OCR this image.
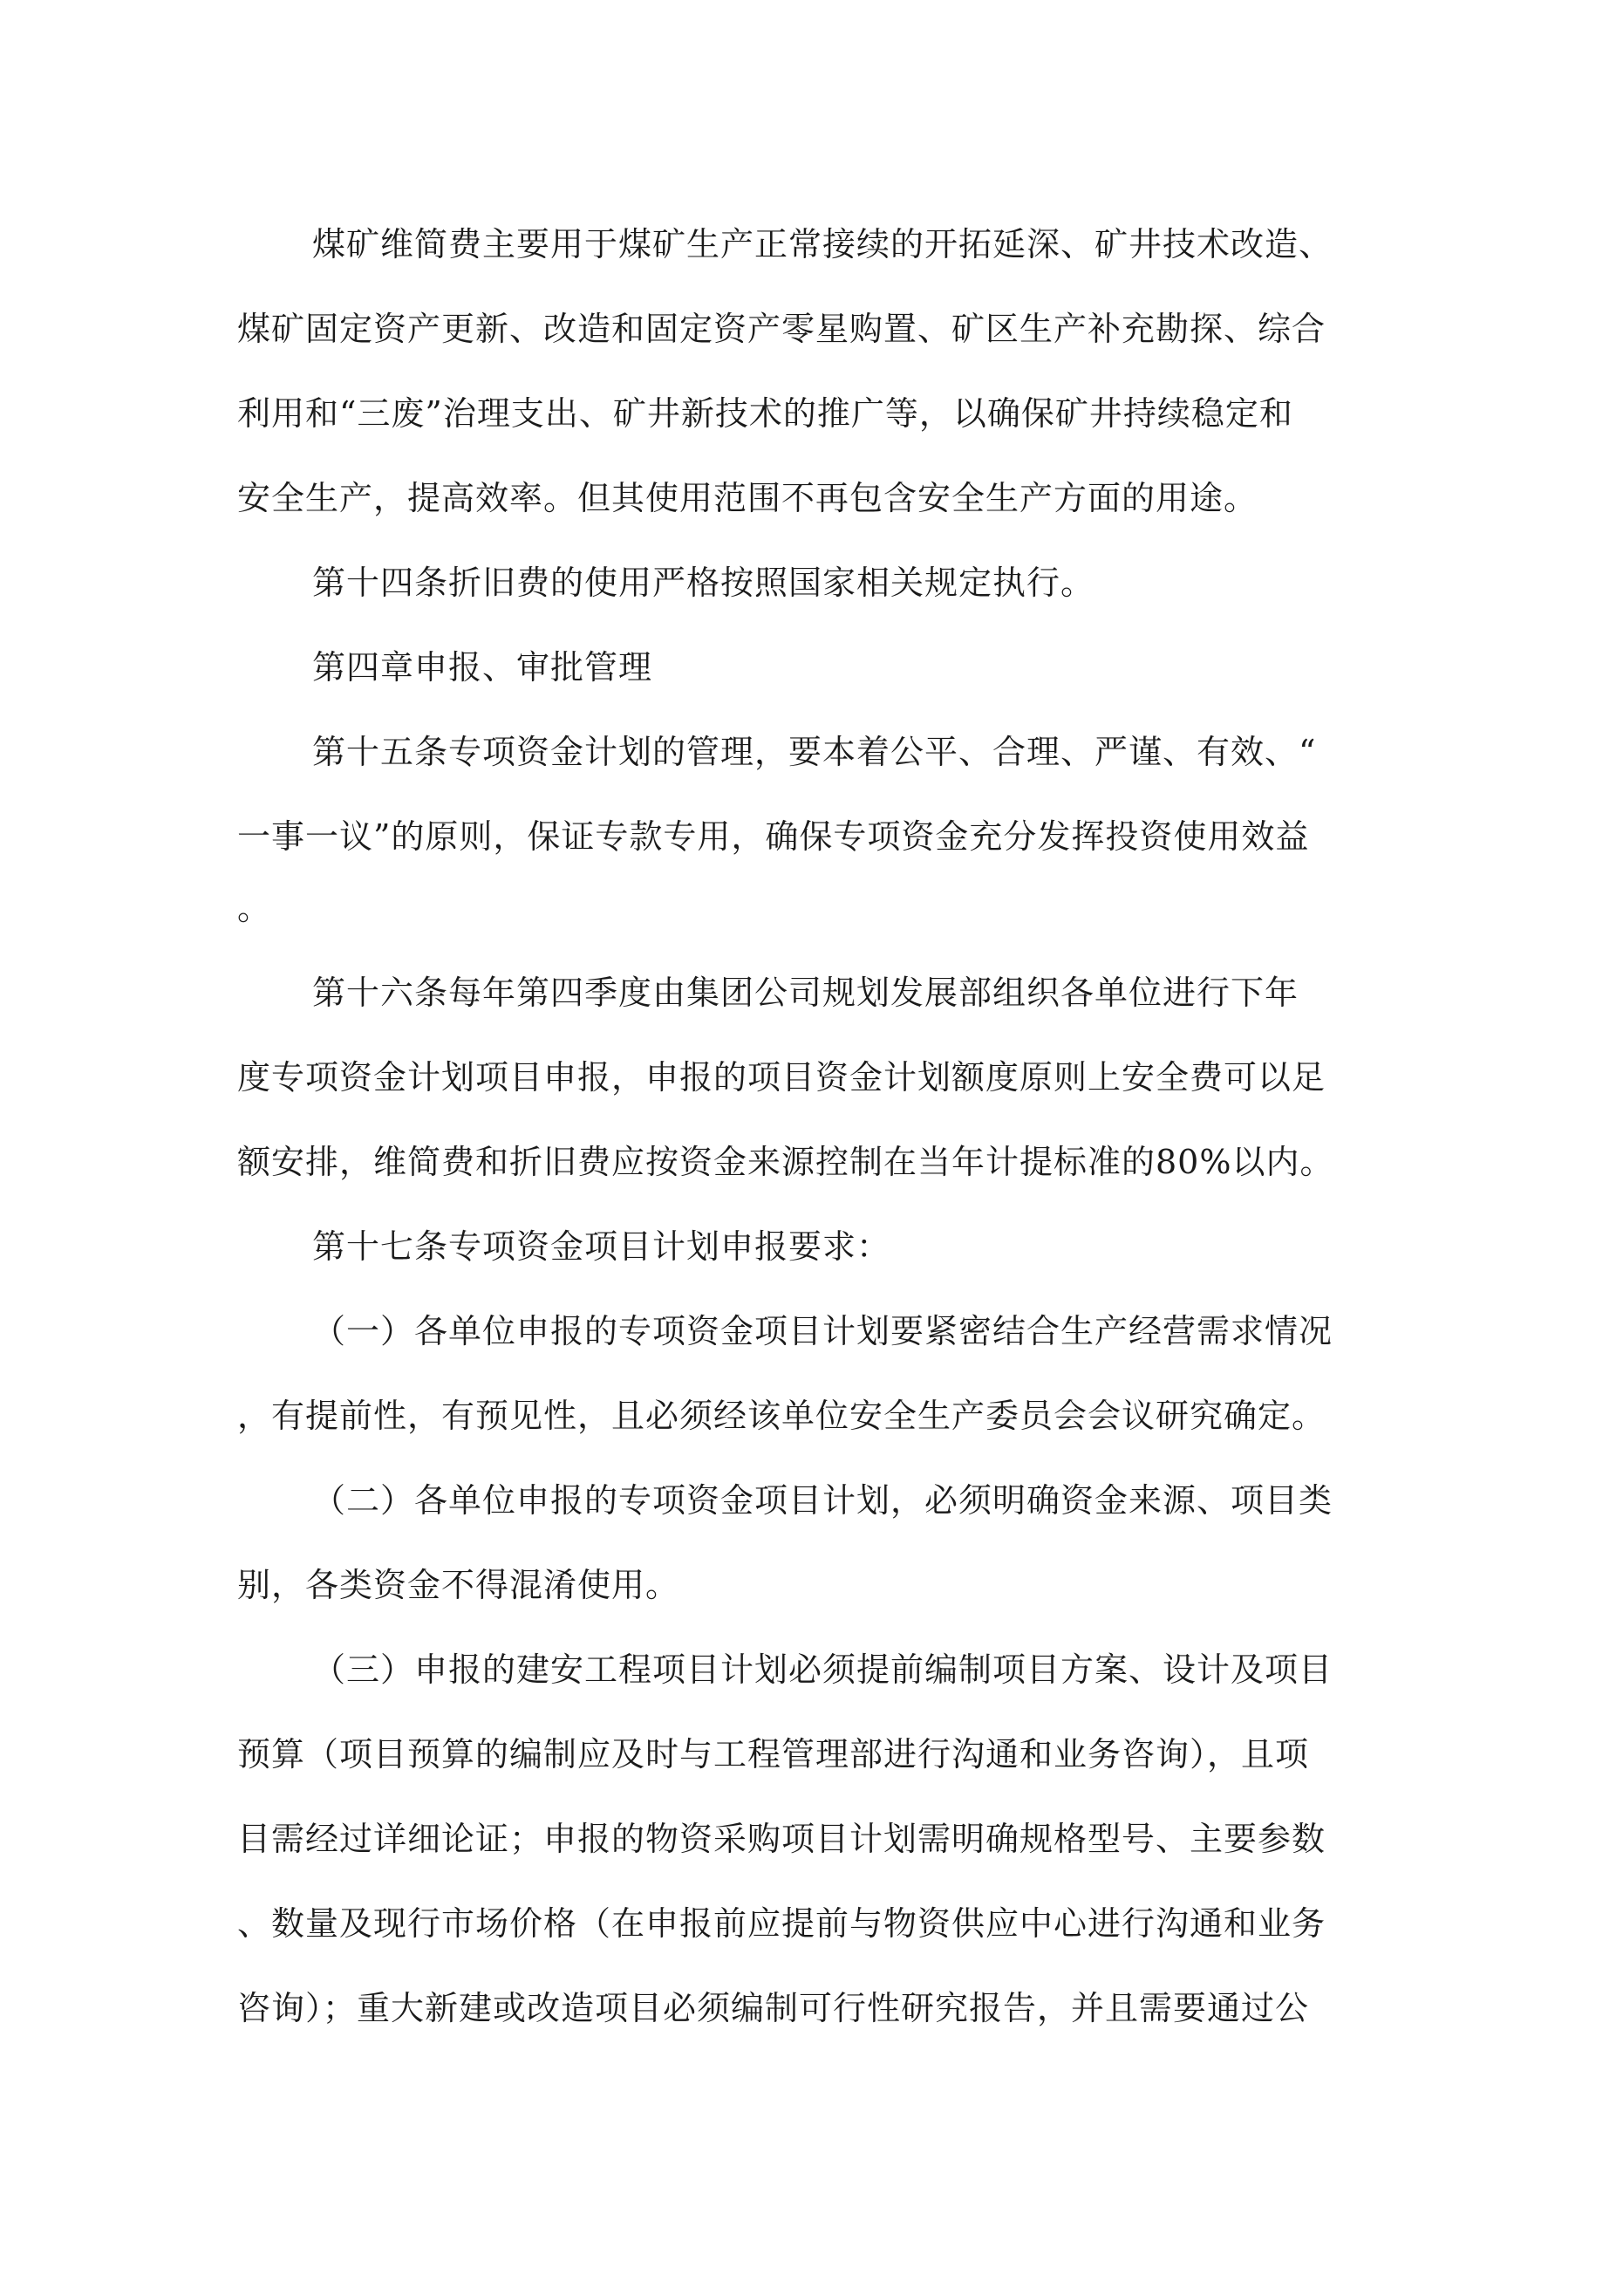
煤矿维简费主要用于煤矿生产正常接续的开拓延深、矿井技术改造、

煤矿固定资产更新、改造和固定资产零星购置、矿区生产补充勘探、综合

利用和“三废”治理支出、矿井新技术的推广等，以确保矿井持续稳定和

安全生产，提高效率。但其使用范围不再包含安全生产方面的用途。

第十四条折旧费的使用严格按照国家相关规定执行。

第四章申报、审批管理

第十五条专项资金计划的管理，要本着公平、合理、严谨、有效、“

一事一议”的原则，保证专款专用，确保专项资金充分发挥投资使用效益

。

第十六条每年第四季度由集团公司规划发展部组织各单位进行下年

度专项资金计划项目申报，申报的项目资金计划额度原则上安全费可以足

额安排，维简费和折旧费应按资金来源控制在当年计提标准的80%以内。

第十七条专项资金项目计划申报要求：

（一）各单位申报的专项资金项目计划要紧密结合生产经营需求情况

，有提前性，有预见性，且必须经该单位安全生产委员会会议研究确定。

（二）各单位申报的专项资金项目计划，必须明确资金来源、项目类

别，各类资金不得混淆使用。

（三）申报的建安工程项目计划必须提前编制项目方案、设计及项目

预算（项目预算的编制应及时与工程管理部进行沟通和业务咨询），且项

目需经过详细论证；申报的物资采购项目计划需明确规格型号、主要参数

、数量及现行市场价格（在申报前应提前与物资供应中心进行沟通和业务

咨询）；重大新建或改造项目必须编制可行性研究报告，并且需要通过公
